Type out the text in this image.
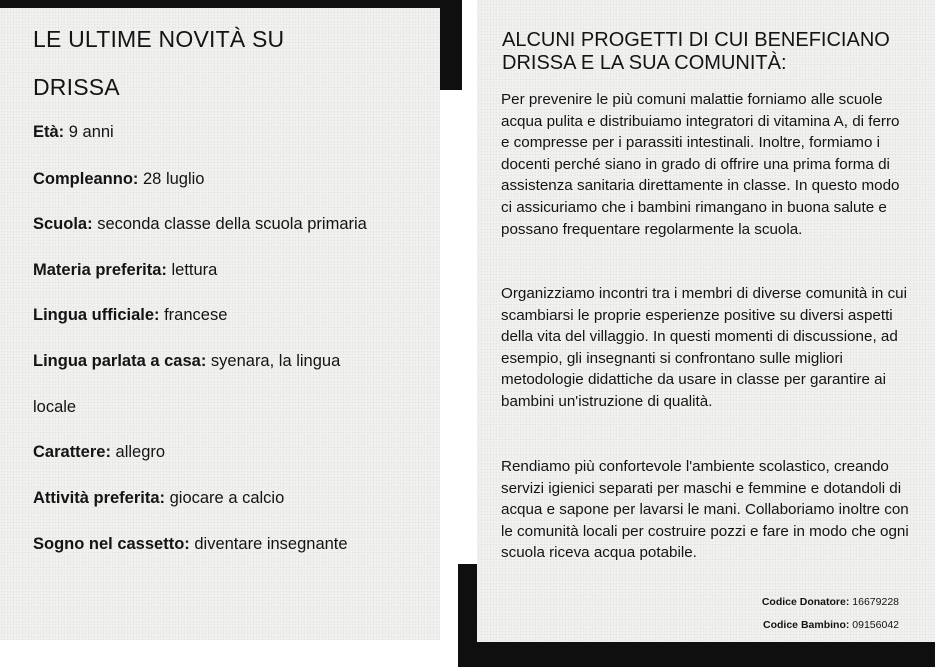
LE ULTIME NOVITÀ SU
DRISSA

Età: 9 anni

Compleanno: 28 luglio

Scuola: seconda classe della scuola primaria

Materia preferita: lettura

Lingua ufficiale: francese

Lingua parlata a casa: syenara, la lingua

locale

Carattere: allegro

Attività preferita: giocare a calcio

Sogno nel cassetto: diventare insegnante

ALCUNI PROGETTI DI CUI BENEFICIANO
DRISSA E LA SUA COMUNITÀ:

Per prevenire le più comuni malattie forniamo alle scuole acqua pulita e distribuiamo integratori di vitamina A, di ferro e compresse per i parassiti intestinali. Inoltre, formiamo i docenti perché siano in grado di offrire una prima forma di assistenza sanitaria direttamente in classe. In questo modo ci assicuriamo che i bambini rimangano in buona salute e possano frequentare regolarmente la scuola.

Organizziamo incontri tra i membri di diverse comunità in cui scambiarsi le proprie esperienze positive su diversi aspetti della vita del villaggio. In questi momenti di discussione, ad esempio, gli insegnanti si confrontano sulle migliori metodologie didattiche da usare in classe per garantire ai bambini un'istruzione di qualità.

Rendiamo più confortevole l'ambiente scolastico, creando servizi igienici separati per maschi e femmine e dotandoli di acqua e sapone per lavarsi le mani. Collaboriamo inoltre con le comunità locali per costruire pozzi e fare in modo che ogni scuola riceva acqua potabile.

Codice Donatore: 16679228

Codice Bambino: 09156042
